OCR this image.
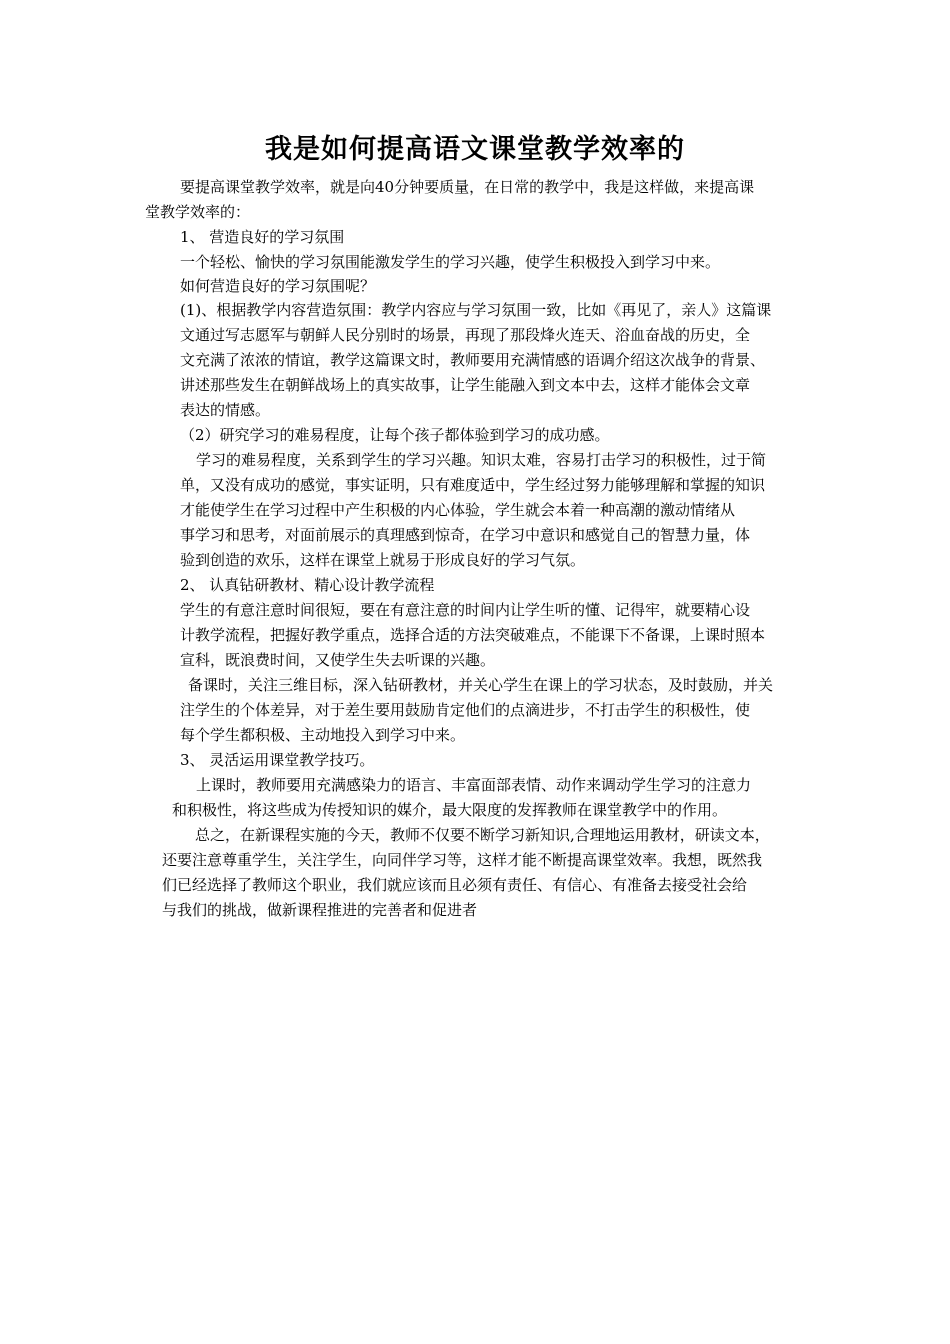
我是如何提高语文课堂教学效率的
要提高课堂教学效率，就是向40分钟要质量，在日常的教学中，我是这样做，来提高课
堂教学效率的：
1、 营造良好的学习氛围
一个轻松、愉快的学习氛围能激发学生的学习兴趣，使学生积极投入到学习中来。
如何营造良好的学习氛围呢？
(1)、根据教学内容营造氛围：教学内容应与学习氛围一致，比如《再见了，亲人》这篇课
文通过写志愿军与朝鲜人民分别时的场景，再现了那段烽火连天、浴血奋战的历史，全
文充满了浓浓的情谊，教学这篇课文时，教师要用充满情感的语调介绍这次战争的背景、
讲述那些发生在朝鲜战场上的真实故事，让学生能融入到文本中去，这样才能体会文章
表达的情感。
（2）研究学习的难易程度，让每个孩子都体验到学习的成功感。
学习的难易程度，关系到学生的学习兴趣。知识太难，容易打击学习的积极性，过于简
单，又没有成功的感觉，事实证明，只有难度适中，学生经过努力能够理解和掌握的知识
才能使学生在学习过程中产生积极的内心体验，学生就会本着一种高潮的激动情绪从
事学习和思考，对面前展示的真理感到惊奇，在学习中意识和感觉自己的智慧力量，体
验到创造的欢乐，这样在课堂上就易于形成良好的学习气氛。
2、 认真钻研教材、精心设计教学流程
学生的有意注意时间很短，要在有意注意的时间内让学生听的懂、记得牢，就要精心设
计教学流程，把握好教学重点，选择合适的方法突破难点，不能课下不备课，上课时照本
宣科，既浪费时间，又使学生失去听课的兴趣。
备课时，关注三维目标，深入钻研教材，并关心学生在课上的学习状态，及时鼓励，并关
注学生的个体差异，对于差生要用鼓励肯定他们的点滴进步，不打击学生的积极性，使
每个学生都积极、主动地投入到学习中来。
3、 灵活运用课堂教学技巧。
上课时，教师要用充满感染力的语言、丰富面部表情、动作来调动学生学习的注意力
和积极性，将这些成为传授知识的媒介，最大限度的发挥教师在课堂教学中的作用。
总之，在新课程实施的今天，教师不仅要不断学习新知识,合理地运用教材，研读文本，
还要注意尊重学生，关注学生，向同伴学习等，这样才能不断提高课堂效率。我想，既然我
们已经选择了教师这个职业，我们就应该而且必须有责任、有信心、有准备去接受社会给
与我们的挑战，做新课程推进的完善者和促进者
